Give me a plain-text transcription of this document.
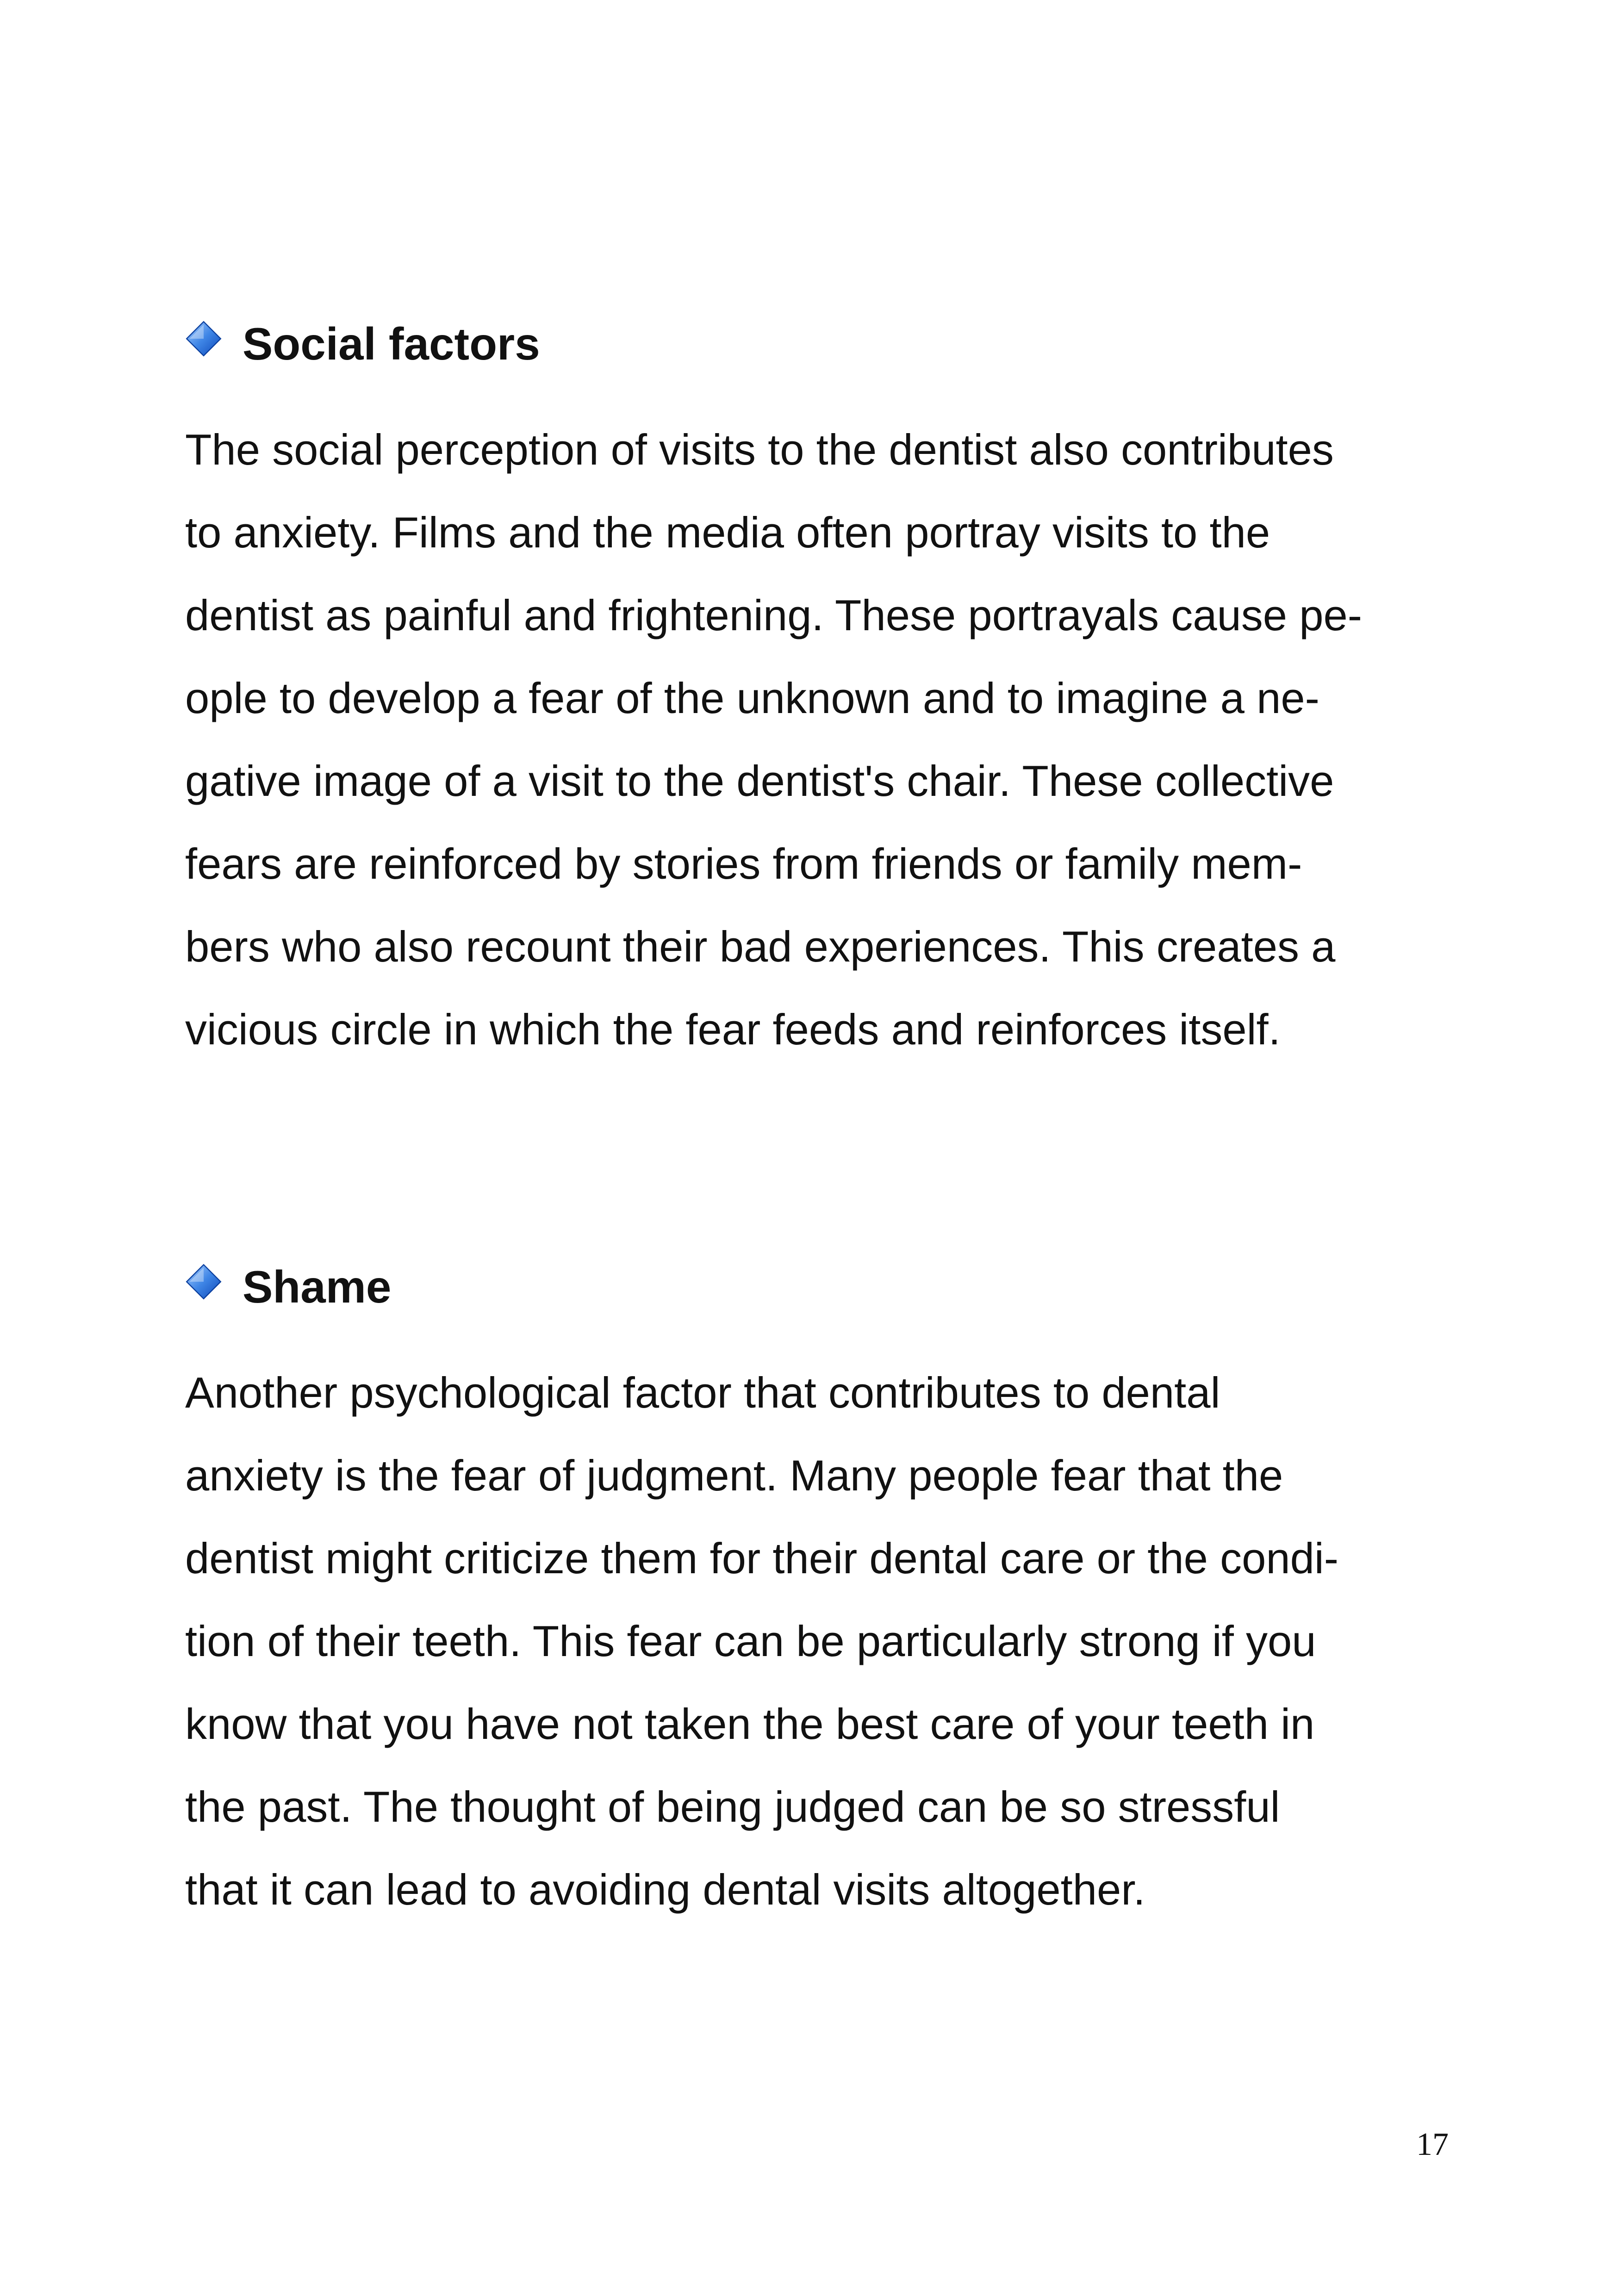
Social factors
The social perception of visits to the dentist also contributes
to anxiety. Films and the media often portray visits to the
dentist as painful and frightening. These portrayals cause pe-
ople to develop a fear of the unknown and to imagine a ne-
gative image of a visit to the dentist's chair. These collective
fears are reinforced by stories from friends or family mem-
bers who also recount their bad experiences. This creates a
vicious circle in which the fear feeds and reinforces itself.
Shame
Another psychological factor that contributes to dental
anxiety is the fear of judgment. Many people fear that the
dentist might criticize them for their dental care or the condi-
tion of their teeth. This fear can be particularly strong if you
know that you have not taken the best care of your teeth in
the past. The thought of being judged can be so stressful
that it can lead to avoiding dental visits altogether.
17
